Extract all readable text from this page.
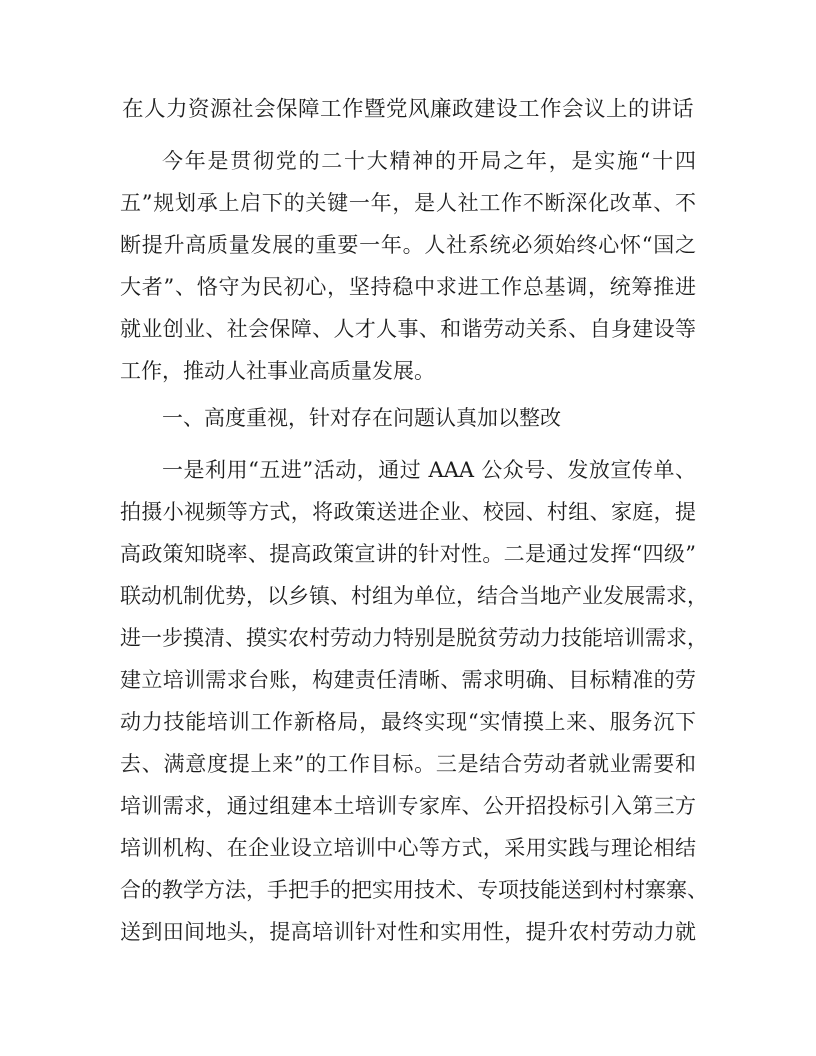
在人力资源社会保障工作暨党风廉政建设工作会议上的讲话
今年是贯彻党的二十大精神的开局之年，是实施“十四
五”规划承上启下的关键一年，是人社工作不断深化改革、不
断提升高质量发展的重要一年。人社系统必须始终心怀“国之
大者”、恪守为民初心，坚持稳中求进工作总基调，统筹推进
就业创业、社会保障、人才人事、和谐劳动关系、自身建设等
工作，推动人社事业高质量发展。
一、高度重视，针对存在问题认真加以整改
一是利用“五进”活动，通过 AAA 公众号、发放宣传单、
拍摄小视频等方式，将政策送进企业、校园、村组、家庭，提
高政策知晓率、提高政策宣讲的针对性。二是通过发挥“四级”
联动机制优势，以乡镇、村组为单位，结合当地产业发展需求，
进一步摸清、摸实农村劳动力特别是脱贫劳动力技能培训需求，
建立培训需求台账，构建责任清晰、需求明确、目标精准的劳
动力技能培训工作新格局，最终实现“实情摸上来、服务沉下
去、满意度提上来”的工作目标。三是结合劳动者就业需要和
培训需求，通过组建本土培训专家库、公开招投标引入第三方
培训机构、在企业设立培训中心等方式，采用实践与理论相结
合的教学方法，手把手的把实用技术、专项技能送到村村寨寨、
送到田间地头，提高培训针对性和实用性，提升农村劳动力就
